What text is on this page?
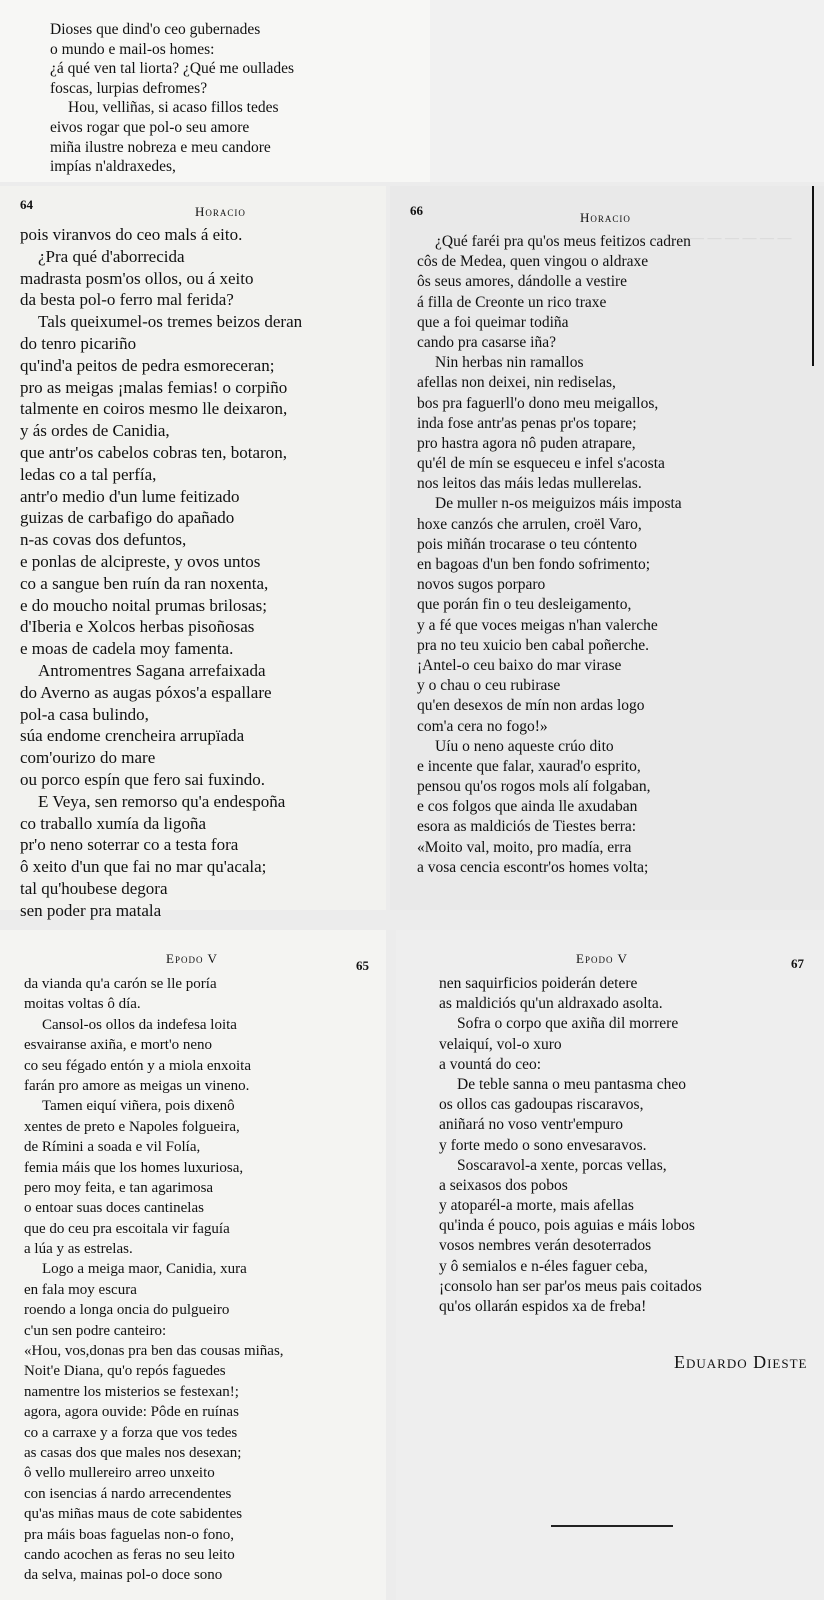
Dioses que dind'o ceo gubernades
o mundo e mail-os homes:
¿á qué ven tal liorta? ¿Qué me oullades
foscas, lurpias defromes?
Hou, velliñas, si acaso fillos tedes
eivos rogar que pol-o seu amore
miña ilustre nobreza e meu candore
impías n'aldraxedes,
64	Horacio
pois viranvos do ceo mals á eito.
¿Pra qué d'aborrecida
madrasta posm'os ollos, ou á xeito
da besta pol-o ferro mal ferida?
Tals queixumel-os tremes beizos deran
do tenro picariño
qu'ind'a peitos de pedra esmoreceran;
pro as meigas ¡malas femias! o corpiño
talmente en coiros mesmo lle deixaron,
y ás ordes de Canidia,
que antr'os cabelos cobras ten, botaron,
ledas co a tal perfía,
antr'o medio d'un lume feitizado
guizas de carbafigo do apañado
n-as covas dos defuntos,
e ponlas de alcipreste, y ovos untos
co a sangue ben ruín da ran noxenta,
e do moucho noital prumas brilosas;
d'Iberia e Xolcos herbas pisoñosas
e moas de cadela moy famenta.
Antromentres Sagana arrefaixada
do Averno as augas póxos'a espallare
pol-a casa bulindo,
súa endome crencheira arrupïada
com'ourizo do mare
ou porco espín que fero sai fuxindo.
E Veya, sen remorso qu'a endespoña
co traballo xumía da ligoña
pr'o neno soterrar co a testa fora
ô xeito d'un que fai no mar qu'acala;
tal qu'houbese degora
sen poder pra matala
— — — — — —
66	Horacio
¿Qué faréi pra qu'os meus feitizos cadren
côs de Medea, quen vingou o aldraxe
ôs seus amores, dándolle a vestire
á filla de Creonte un rico traxe
que a foi queimar todiña
cando pra casarse iña?
Nin herbas nin ramallos
afellas non deixei, nin rediselas,
bos pra faguerll'o dono meu meigallos,
inda fose antr'as penas pr'os topare;
pro hastra agora nô puden atrapare,
qu'él de mín se esqueceu e infel s'acosta
nos leitos das máis ledas mullerelas.
De muller n-os meiguizos máis imposta
hoxe canzós che arrulen, croël Varo,
pois miñán trocarase o teu cóntento
en bagoas d'un ben fondo sofrimento;
novos sugos porparo
que porán fin o teu desleigamento,
y a fé que voces meigas n'han valerche
pra no teu xuicio ben cabal poñerche.
¡Antel-o ceu baixo do mar virase
y o chau o ceu rubirase
qu'en desexos de mín non ardas logo
com'a cera no fogo!»
Uíu o neno aqueste crúo dito
e incente que falar, xaurad'o esprito,
pensou qu'os rogos mols alí folgaban,
e cos folgos que ainda lle axudaban
esora as maldiciós de Tiestes berra:
«Moito val, moito, pro madía, erra
a vosa cencia escontr'os homes volta;
Epodo V	65
da vianda qu'a carón se lle poría
moitas voltas ô día.
Cansol-os ollos da indefesa loita
esvairanse axiña, e mort'o neno
co seu fégado entón y a miola enxoita
farán pro amore as meigas un vineno.
Tamen eiquí viñera, pois dixenô
xentes de preto e Napoles folgueira,
de Rímini a soada e vil Folía,
femia máis que los homes luxuriosa,
pero moy feita, e tan agarimosa
o entoar suas doces cantinelas
que do ceu pra escoitala vir faguía
a lúa y as estrelas.
Logo a meiga maor, Canidia, xura
en fala moy escura
roendo a longa oncia do pulgueiro
c'un sen podre canteiro:
«Hou, vos,donas pra ben das cousas miñas,
Noit'e Diana, qu'o repós faguedes
namentre los misterios se festexan!;
agora, agora ouvide: Pôde en ruínas
co a carraxe y a forza que vos tedes
as casas dos que males nos desexan;
ô vello mullereiro arreo unxeito
con isencias á nardo arrecendentes
qu'as miñas maus de cote sabidentes
pra máis boas faguelas non-o fono,
cando acochen as feras no seu leito
da selva, mainas pol-o doce sono
Epodo V	67
nen saquirficios poiderán detere
as maldiciós qu'un aldraxado asolta.
Sofra o corpo que axiña dil morrere
velaiquí, vol-o xuro
a vountá do ceo:
De teble sanna o meu pantasma cheo
os ollos cas gadoupas riscaravos,
aniñará no voso ventr'empuro
y forte medo o sono envesaravos.
Soscaravol-a xente, porcas vellas,
a seixasos dos pobos
y atoparél-a morte, mais afellas
qu'inda é pouco, pois aguias e máis lobos
vosos nembres verán desoterrados
y ô semialos e n-éles faguer ceba,
¡consolo han ser par'os meus pais coitados
qu'os ollarán espidos xa de freba!
Eduardo Dieste
